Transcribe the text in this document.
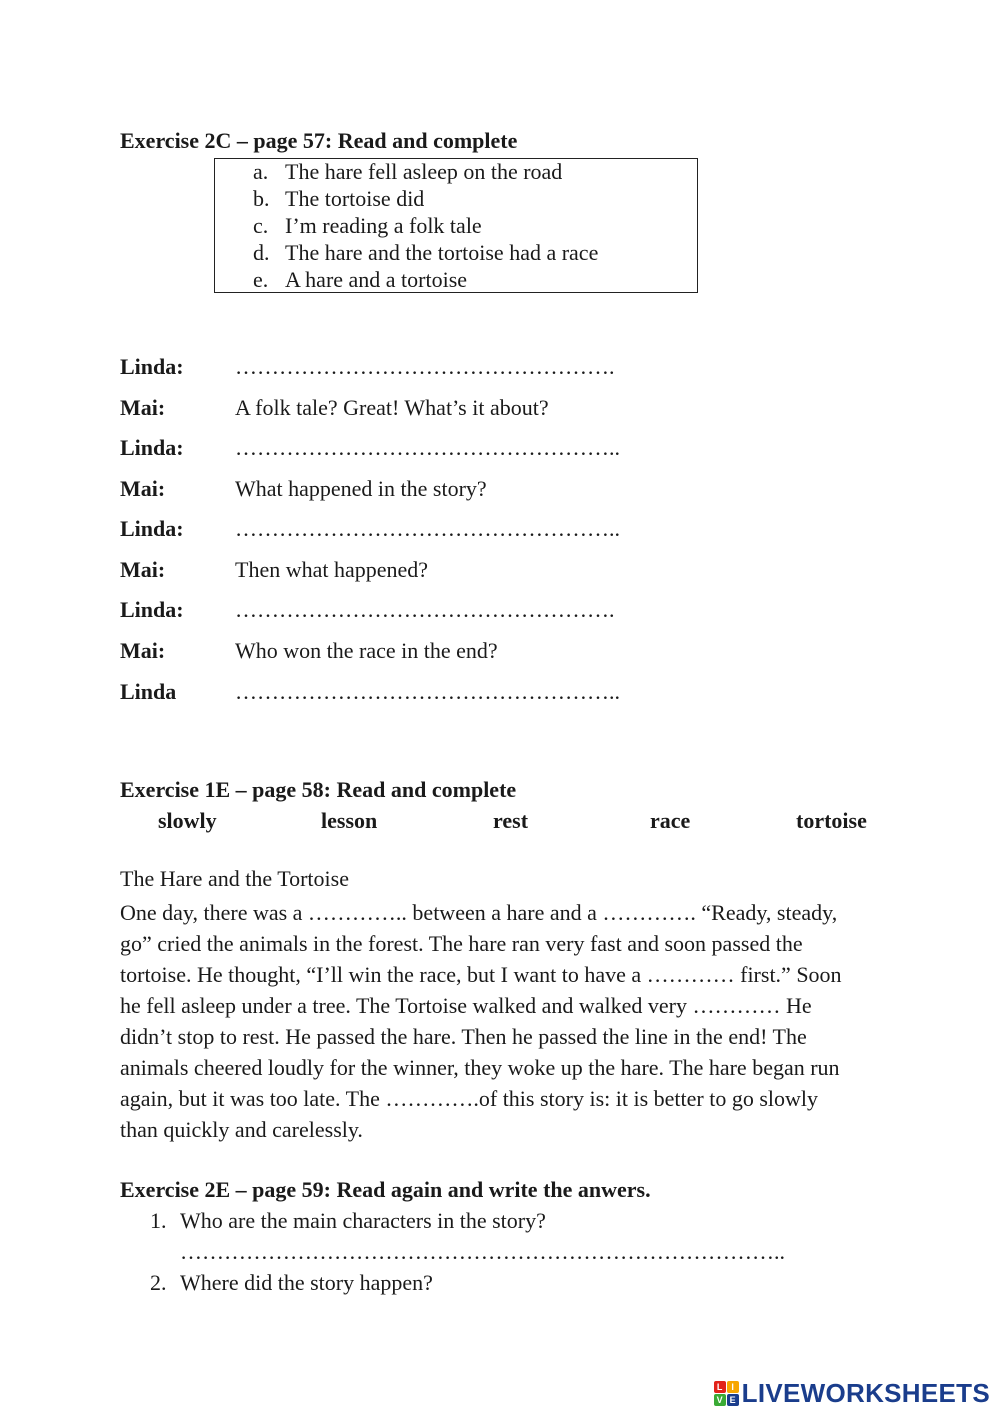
Exercise 2C – page 57: Read and complete
a. The hare fell asleep on the road
b. The tortoise did
c. I’m reading a folk tale
d. The hare and the tortoise had a race
e. A hare and a tortoise
Linda: …………………………………………….
Mai:	A folk tale? Great! What’s it about?
Linda: ……………………………………………..
Mai:	What happened in the story?
Linda: ……………………………………………..
Mai:	Then what happened?
Linda: …………………………………………….
Mai:	Who won the race in the end?
Linda	……………………………………………..
Exercise 1E – page 58: Read and complete
slowly	lesson	rest	race	tortoise
The Hare and the Tortoise
One day, there was a ………….. between a hare and a …………. “Ready, steady,
go” cried the animals in the forest. The hare ran very fast and soon passed the
tortoise. He thought, “I’ll win the race, but I want to have a ………… first.” Soon
he fell asleep under a tree. The Tortoise walked and walked very ………… He
didn’t stop to rest. He passed the hare. Then he passed the line in the end! The
animals cheered loudly for the winner, they woke up the hare. The hare began run
again, but it was too late. The ………….of this story is: it is better to go slowly
than quickly and carelessly.
Exercise 2E – page 59: Read again and write the anwers.
1. Who are the main characters in the story?
………………………………………………………………………..
2. Where did the story happen?
L I
V E LIVEWORKSHEETS
